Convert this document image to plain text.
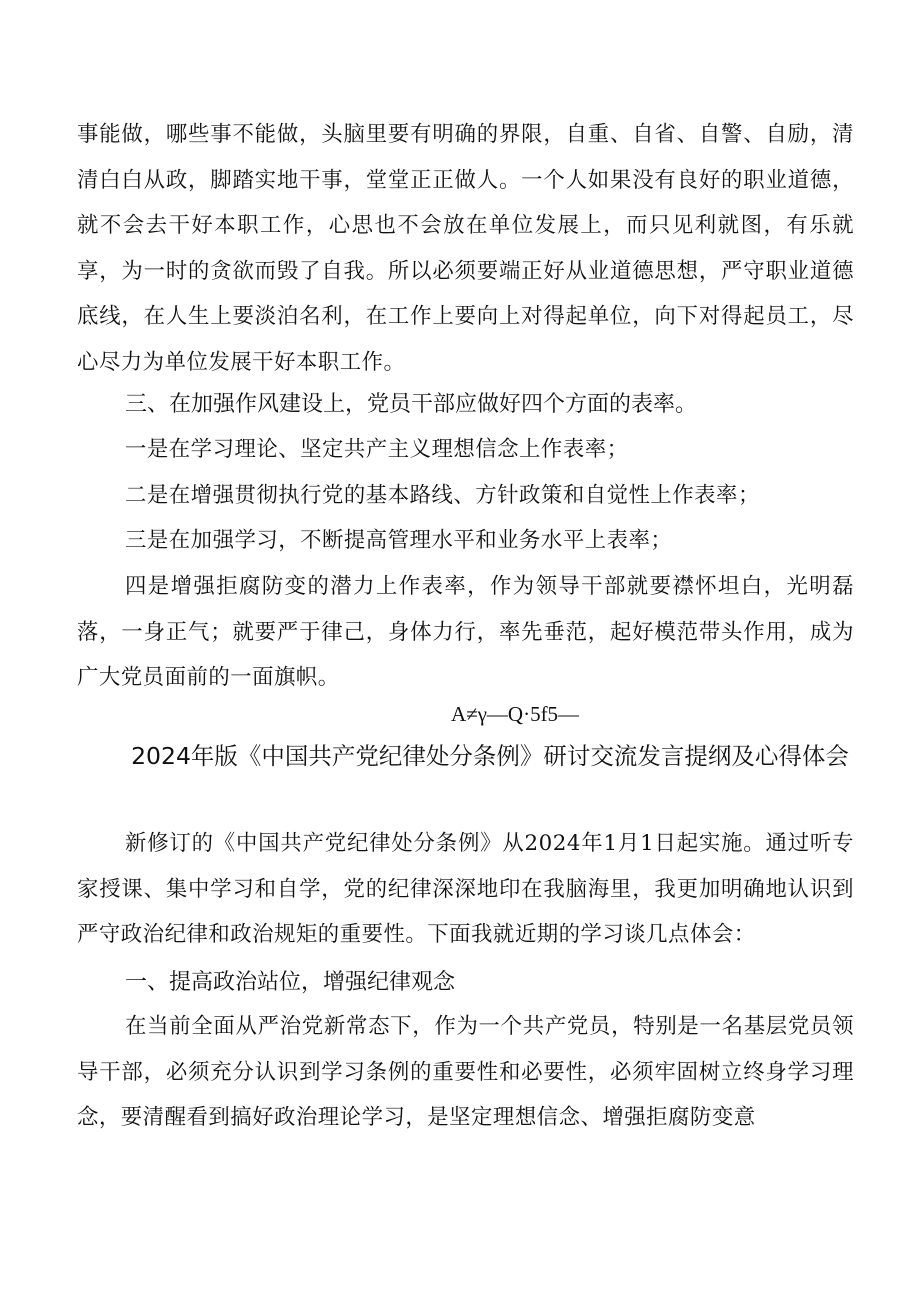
事能做，哪些事不能做，头脑里要有明确的界限，自重、自省、自警、自励，清清白白从政，脚踏实地干事，堂堂正正做人。一个人如果没有良好的职业道德，就不会去干好本职工作，心思也不会放在单位发展上，而只见利就图，有乐就享，为一时的贪欲而毁了自我。所以必须要端正好从业道德思想，严守职业道德底线，在人生上要淡泊名利，在工作上要向上对得起单位，向下对得起员工，尽心尽力为单位发展干好本职工作。

三、在加强作风建设上，党员干部应做好四个方面的表率。

一是在学习理论、坚定共产主义理想信念上作表率；

二是在增强贯彻执行党的基本路线、方针政策和自觉性上作表率；

三是在加强学习，不断提高管理水平和业务水平上表率；

四是增强拒腐防变的潜力上作表率，作为领导干部就要襟怀坦白，光明磊落，一身正气；就要严于律己，身体力行，率先垂范，起好模范带头作用，成为广大党员面前的一面旗帜。

A≠γ—Q·5f5—
2024年版《中国共产党纪律处分条例》研讨交流发言提纲及心得体会

新修订的《中国共产党纪律处分条例》从2024年1月1日起实施。通过听专家授课、集中学习和自学，党的纪律深深地印在我脑海里，我更加明确地认识到严守政治纪律和政治规矩的重要性。下面我就近期的学习谈几点体会：

一、提高政治站位，增强纪律观念

在当前全面从严治党新常态下，作为一个共产党员，特别是一名基层党员领导干部，必须充分认识到学习条例的重要性和必要性，必须牢固树立终身学习理念，要清醒看到搞好政治理论学习，是坚定理想信念、增强拒腐防变意
